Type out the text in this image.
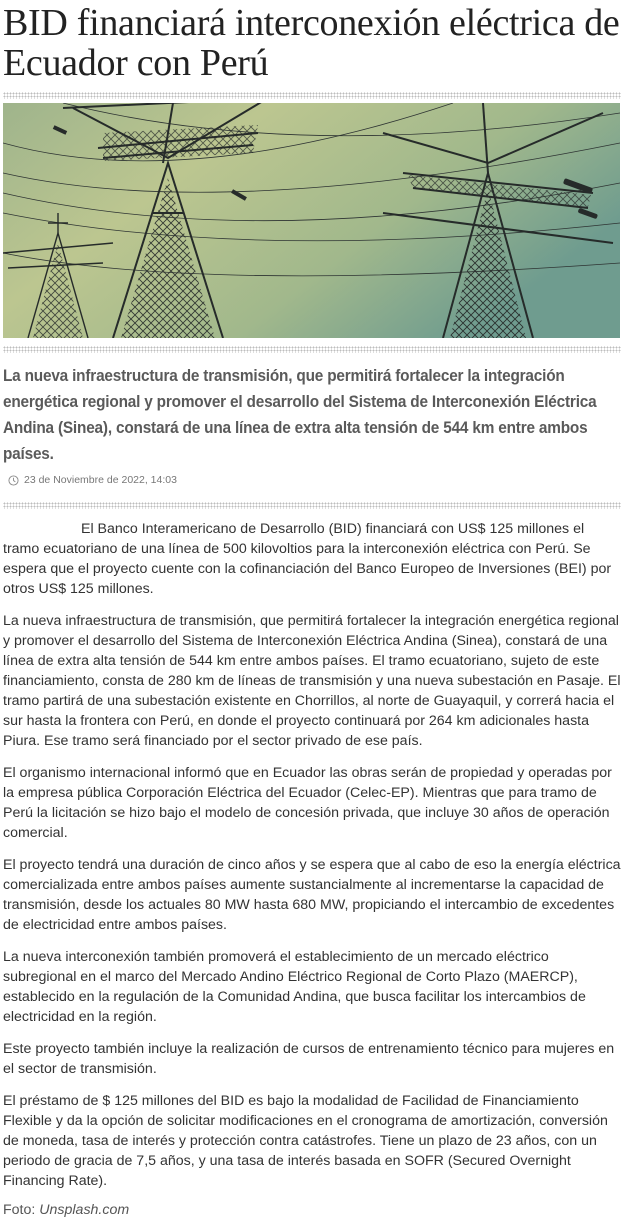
BID financiará interconexión eléctrica de Ecuador con Perú
La nueva infraestructura de transmisión, que permitirá fortalecer la integración energética regional y promover el desarrollo del Sistema de Interconexión Eléctrica Andina (Sinea), constará de una línea de extra alta tensión de 544 km entre ambos países.
23 de Noviembre de 2022, 14:03

El Banco Interamericano de Desarrollo (BID) financiará con US$ 125 millones el tramo ecuatoriano de una línea de 500 kilovoltios para la interconexión eléctrica con Perú. Se espera que el proyecto cuente con la cofinanciación del Banco Europeo de Inversiones (BEI) por otros US$ 125 millones.

La nueva infraestructura de transmisión, que permitirá fortalecer la integración energética regional y promover el desarrollo del Sistema de Interconexión Eléctrica Andina (Sinea), constará de una línea de extra alta tensión de 544 km entre ambos países. El tramo ecuatoriano, sujeto de este financiamiento, consta de 280 km de líneas de transmisión y una nueva subestación en Pasaje. El tramo partirá de una subestación existente en Chorrillos, al norte de Guayaquil, y correrá hacia el sur hasta la frontera con Perú, en donde el proyecto continuará por 264 km adicionales hasta Piura. Ese tramo será financiado por el sector privado de ese país.

El organismo internacional informó que en Ecuador las obras serán de propiedad y operadas por la empresa pública Corporación Eléctrica del Ecuador (Celec-EP). Mientras que para tramo de Perú la licitación se hizo bajo el modelo de concesión privada, que incluye 30 años de operación comercial.

El proyecto tendrá una duración de cinco años y se espera que al cabo de eso la energía eléctrica comercializada entre ambos países aumente sustancialmente al incrementarse la capacidad de transmisión, desde los actuales 80 MW hasta 680 MW, propiciando el intercambio de excedentes de electricidad entre ambos países.

La nueva interconexión también promoverá el establecimiento de un mercado eléctrico subregional en el marco del Mercado Andino Eléctrico Regional de Corto Plazo (MAERCP), establecido en la regulación de la Comunidad Andina, que busca facilitar los intercambios de electricidad en la región.

Este proyecto también incluye la realización de cursos de entrenamiento técnico para mujeres en el sector de transmisión.

El préstamo de $ 125 millones del BID es bajo la modalidad de Facilidad de Financiamiento Flexible y da la opción de solicitar modificaciones en el cronograma de amortización, conversión de moneda, tasa de interés y protección contra catástrofes. Tiene un plazo de 23 años, con un periodo de gracia de 7,5 años, y una tasa de interés basada en SOFR (Secured Overnight Financing Rate).

Foto: Unsplash.com
